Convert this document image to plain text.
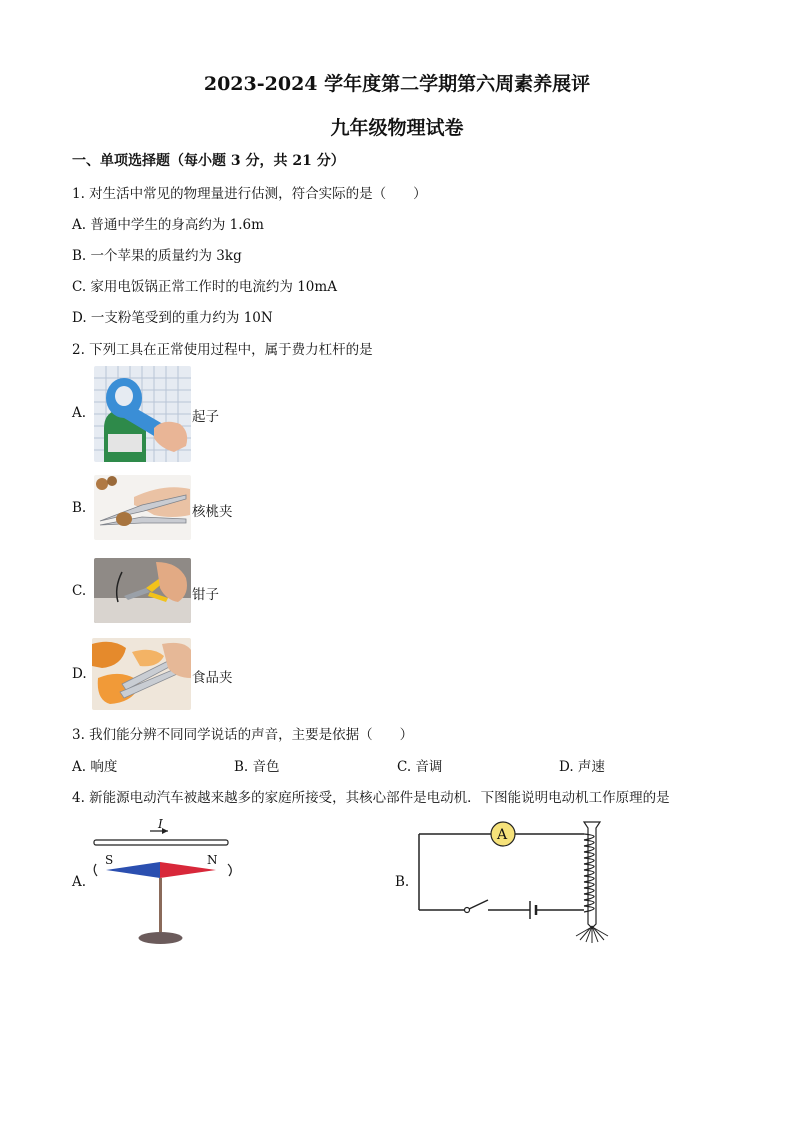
2023-2024 学年度第二学期第六周素养展评
九年级物理试卷
一、单项选择题（每小题 3 分，共 21 分）
1. 对生活中常见的物理量进行估测，符合实际的是（　　）
A. 普通中学生的身高约为 1.6m
B. 一个苹果的质量约为 3kg
C. 家用电饭锅正常工作时的电流约为 10mA
D. 一支粉笔受到的重力约为 10N
2. 下列工具在正常使用过程中，属于费力杠杆的是
A.	起子
B.	核桃夹
C.	钳子
D.	食品夹
3. 我们能分辨不同同学说话的声音，主要是依据（　　）
A. 响度	B. 音色	C. 音调	D. 声速
4. 新能源电动汽车被越来越多的家庭所接受，其核心部件是电动机．下图能说明电动机工作原理的是
A.
I
S	N
B.
A
